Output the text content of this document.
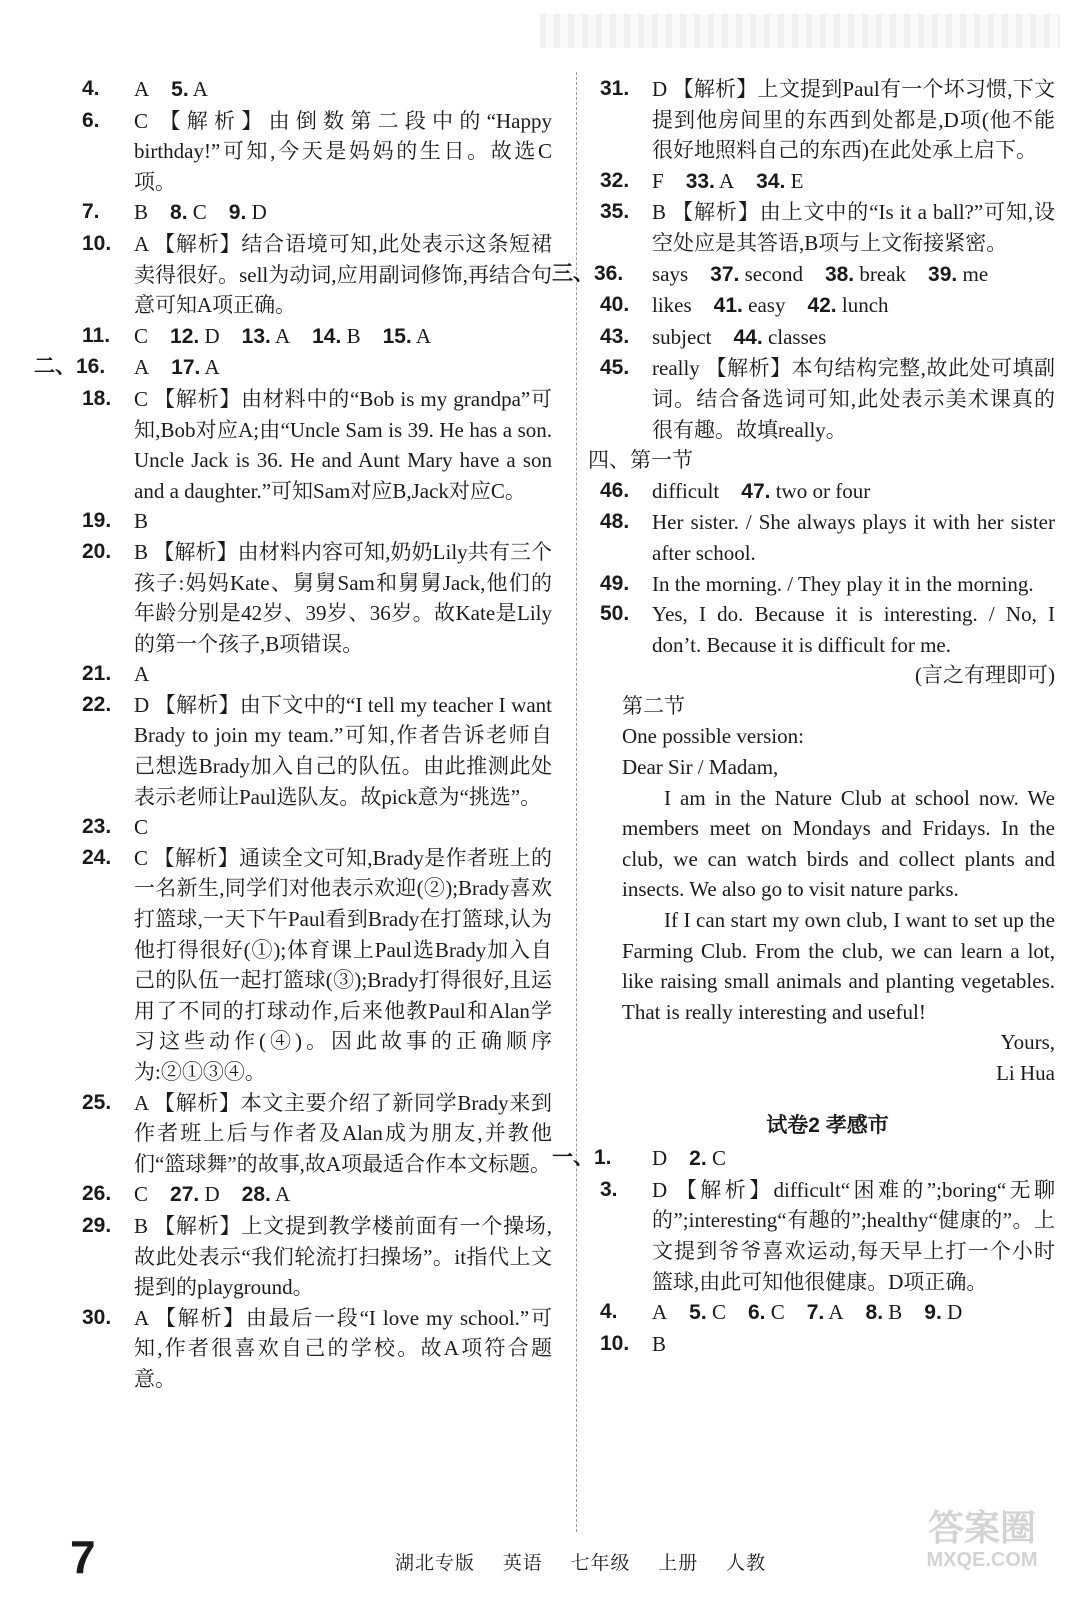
4.	A 5. A

6.	C 【解析】由倒数第二段中的“Happy birthday!”可知,今天是妈妈的生日。故选C项。

7.	B 8. C 9. D

10.	A 【解析】结合语境可知,此处表示这条短裙卖得很好。sell为动词,应用副词修饰,再结合句意可知A项正确。

11.	C 12. D 13. A 14. B 15. A

二、16.	A 17. A

18.	C 【解析】由材料中的“Bob is my grandpa”可知,Bob对应A;由“Uncle Sam is 39. He has a son. Uncle Jack is 36. He and Aunt Mary have a son and a daughter.”可知Sam对应B,Jack对应C。

19.	B

20.	B 【解析】由材料内容可知,奶奶Lily共有三个孩子:妈妈Kate、舅舅Sam和舅舅Jack,他们的年龄分别是42岁、39岁、36岁。故Kate是Lily的第一个孩子,B项错误。

21.	A

22.	D 【解析】由下文中的“I tell my teacher I want Brady to join my team.”可知,作者告诉老师自己想选Brady加入自己的队伍。由此推测此处表示老师让Paul选队友。故pick意为“挑选”。

23.	C

24.	C 【解析】通读全文可知,Brady是作者班上的一名新生,同学们对他表示欢迎(②);Brady喜欢打篮球,一天下午Paul看到Brady在打篮球,认为他打得很好(①);体育课上Paul选Brady加入自己的队伍一起打篮球(③);Brady打得很好,且运用了不同的打球动作,后来他教Paul和Alan学习这些动作(④)。因此故事的正确顺序为:②①③④。

25.	A 【解析】本文主要介绍了新同学Brady来到作者班上后与作者及Alan成为朋友,并教他们“篮球舞”的故事,故A项最适合作本文标题。

26.	C 27. D 28. A

29.	B 【解析】上文提到教学楼前面有一个操场,故此处表示“我们轮流打扫操场”。it指代上文提到的playground。

30.	A 【解析】由最后一段“I love my school.”可知,作者很喜欢自己的学校。故A项符合题意。

31.	D 【解析】上文提到Paul有一个坏习惯,下文提到他房间里的东西到处都是,D项(他不能很好地照料自己的东西)在此处承上启下。

32.	F 33. A 34. E

35.	B 【解析】由上文中的“Is it a ball?”可知,设空处应是其答语,B项与上文衔接紧密。

三、36.	says 37. second 38. break 39. me

40.	likes 41. easy 42. lunch

43.	subject 44. classes

45.	really 【解析】本句结构完整,故此处可填副词。结合备选词可知,此处表示美术课真的很有趣。故填really。

四、第一节

46.	difficult 47. two or four

48.	Her sister. / She always plays it with her sister after school.

49.	In the morning. / They play it in the morning.

50.	Yes, I do. Because it is interesting. / No, I don’t. Because it is difficult for me.

(言之有理即可)

第二节
One possible version:
Dear Sir / Madam,

I am in the Nature Club at school now. We members meet on Mondays and Fridays. In the club, we can watch birds and collect plants and insects. We also go to visit nature parks.

If I can start my own club, I want to set up the Farming Club. From the club, we can learn a lot, like raising small animals and planting vegetables. That is really interesting and useful!

Yours,

Li Hua

试卷2 孝感市

一、1.	D 2. C

3.	D 【解析】difficult“困难的”;boring“无聊的”;interesting“有趣的”;healthy“健康的”。上文提到爷爷喜欢运动,每天早上打一个小时篮球,由此可知他很健康。D项正确。

4.	A 5. C 6. C 7. A 8. B 9. D

10.	B

7	湖北专版 英语 七年级 上册 人教
答案圈
MXQE.COM
